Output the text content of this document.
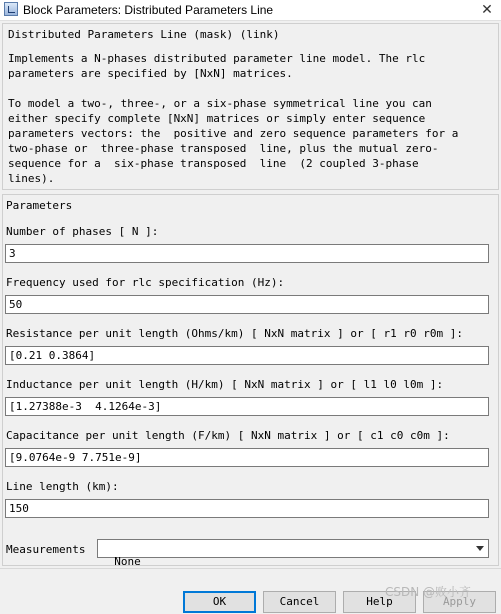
Block Parameters: Distributed Parameters Line	✕
Distributed Parameters Line (mask) (link)
Implements a N-phases distributed parameter line model. The rlc
parameters are specified by [NxN] matrices.
To model a two-, three-, or a six-phase symmetrical line you can
either specify complete [NxN] matrices or simply enter sequence
parameters vectors: the  positive and zero sequence parameters for a
two-phase or  three-phase transposed  line, plus the mutual zero-
sequence for a  six-phase transposed  line  (2 coupled 3-phase
lines).
Parameters
Number of phases [ N ]:
3
Frequency used for rlc specification (Hz):
50
Resistance per unit length (Ohms/km) [ NxN matrix ] or [ r1 r0 r0m ]:
[0.21 0.3864]
Inductance per unit length (H/km) [ NxN matrix ] or [ l1 l0 l0m ]:
[1.27388e-3  4.1264e-3]
Capacitance per unit length (F/km) [ NxN matrix ] or [ c1 c0 c0m ]:
[9.0764e-9 7.751e-9]
Line length (km):
150
Measurements

None

OK	Cancel	Help	Apply
CSDN @败小齐
